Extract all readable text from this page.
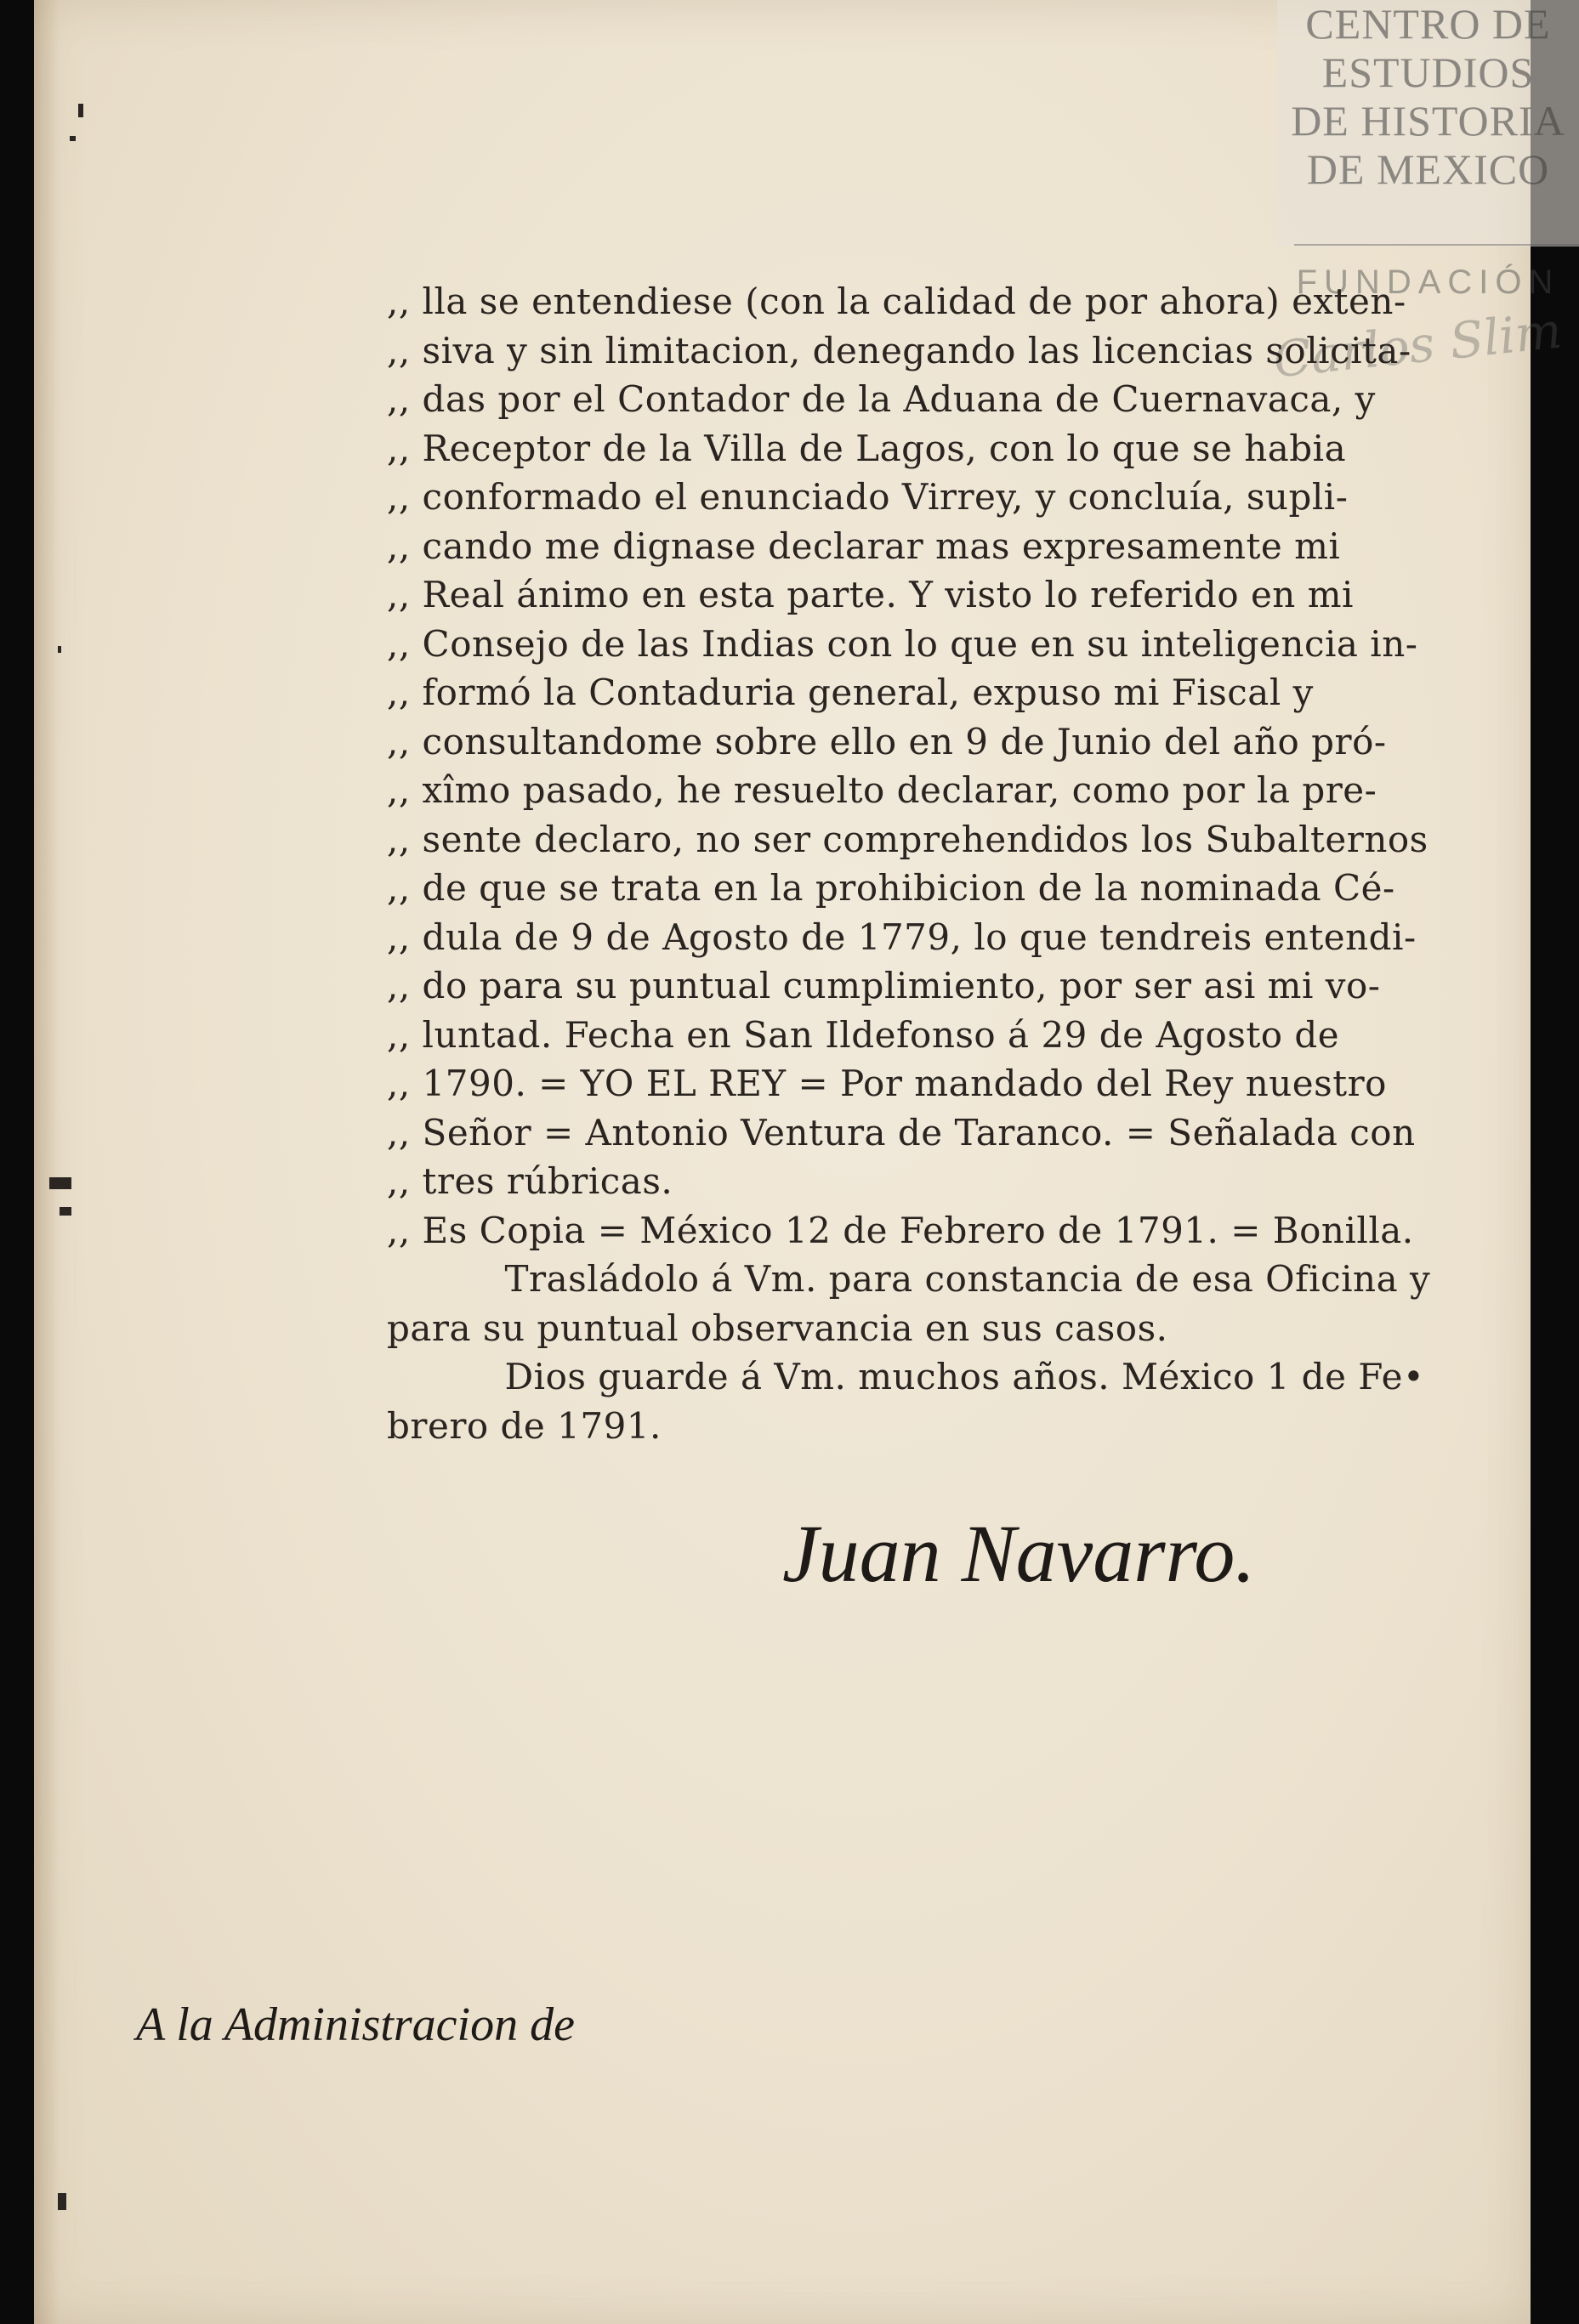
CENTRO DE
ESTUDIOS
DE HISTORIA
DE MEXICO
FUNDACIÓN
Carlos Slim
,, lla se entendiese (con la calidad de por ahora) exten-
,, siva y sin limitacion, denegando las licencias solicita-
,, das por el Contador de la Aduana de Cuernavaca, y
,, Receptor de la Villa de Lagos, con lo que se habia
,, conformado el enunciado Virrey, y concluía, supli-
,, cando me dignase declarar mas expresamente mi
,, Real ánimo en esta parte. Y visto lo referido en mi
,, Consejo de las Indias con lo que en su inteligencia in-
,, formó la Contaduria general, expuso mi Fiscal y
,, consultandome sobre ello en 9 de Junio del año pró-
,, xîmo pasado, he resuelto declarar, como por la pre-
,, sente declaro, no ser comprehendidos los Subalternos
,, de que se trata en la prohibicion de la nominada Cé-
,, dula de 9 de Agosto de 1779, lo que tendreis entendi-
,, do para su puntual cumplimiento, por ser asi mi vo-
,, luntad. Fecha en San Ildefonso á 29 de Agosto de
,, 1790. = YO EL REY = Por mandado del Rey nuestro
,, Señor = Antonio Ventura de Taranco. = Señalada con
,, tres rúbricas.
,, Es Copia = México 12 de Febrero de 1791. = Bonilla.
Trasládolo á Vm. para constancia de esa Oficina y
para su puntual observancia en sus casos.
Dios guarde á Vm. muchos años. México 1 de Fe•
brero de 1791.
Juan Navarro.
A la Administracion de
